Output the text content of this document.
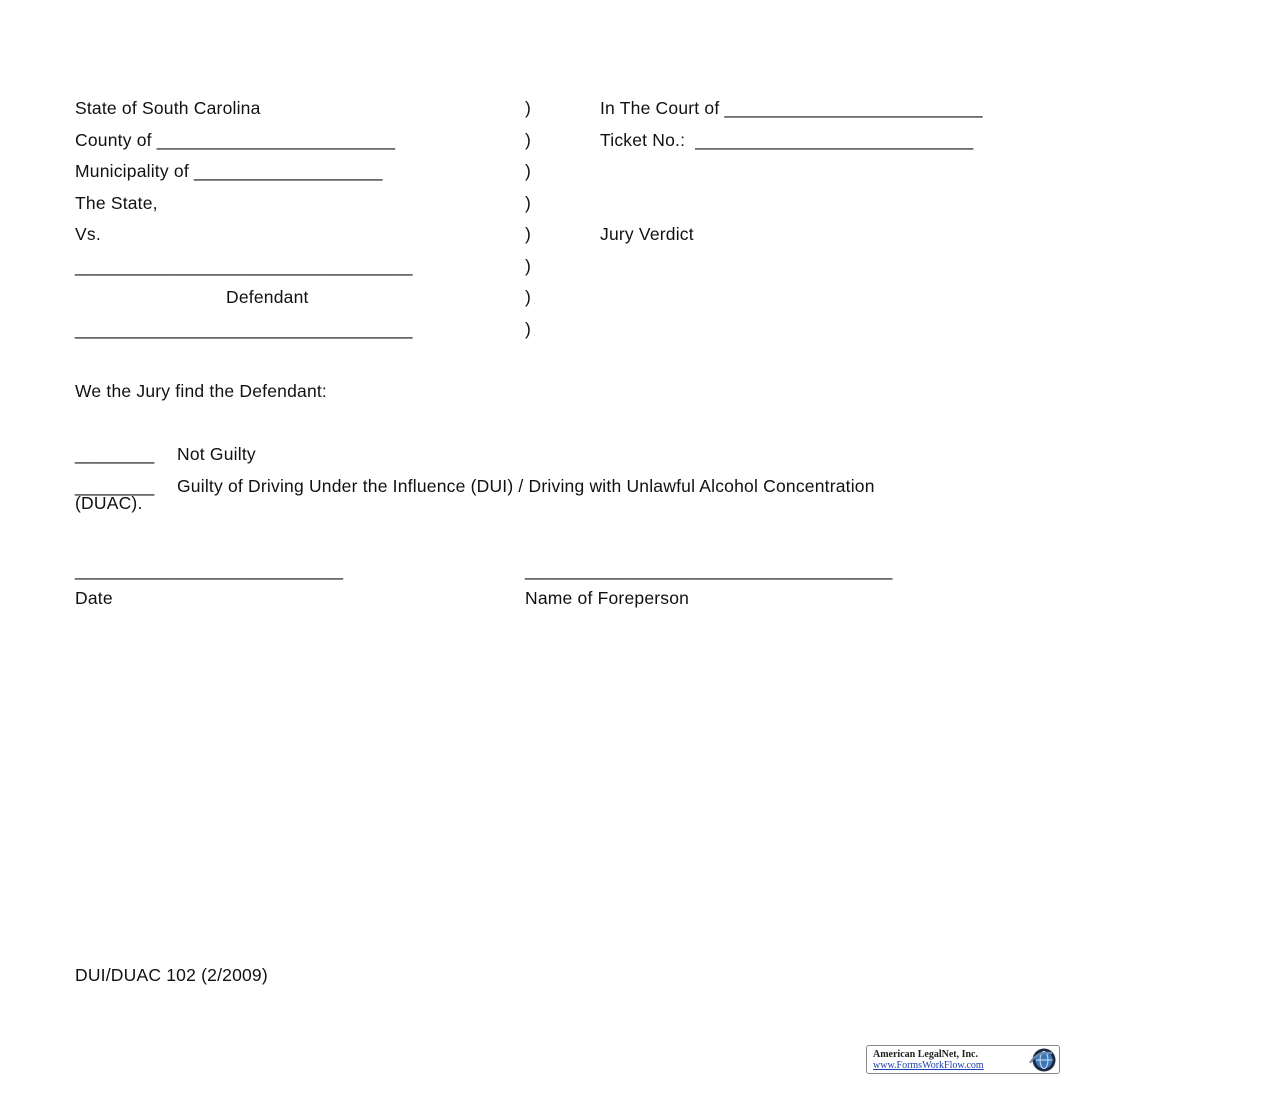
State of South Carolina
County of ________________________
Municipality of ___________________
The State,
Vs.
__________________________________
Defendant
__________________________________
)
)
)
)
)
)
)
)
In The Court of __________________________
Ticket No.:  ____________________________
Jury Verdict
We the Jury find the Defendant:
________ Not Guilty
________ Guilty of Driving Under the Influence (DUI) / Driving with Unlawful Alcohol Concentration
(DUAC).
___________________________
Date
_____________________________________
Name of Foreperson
DUI/DUAC 102 (2/2009)
American LegalNet, Inc.
www.FormsWorkFlow.com
